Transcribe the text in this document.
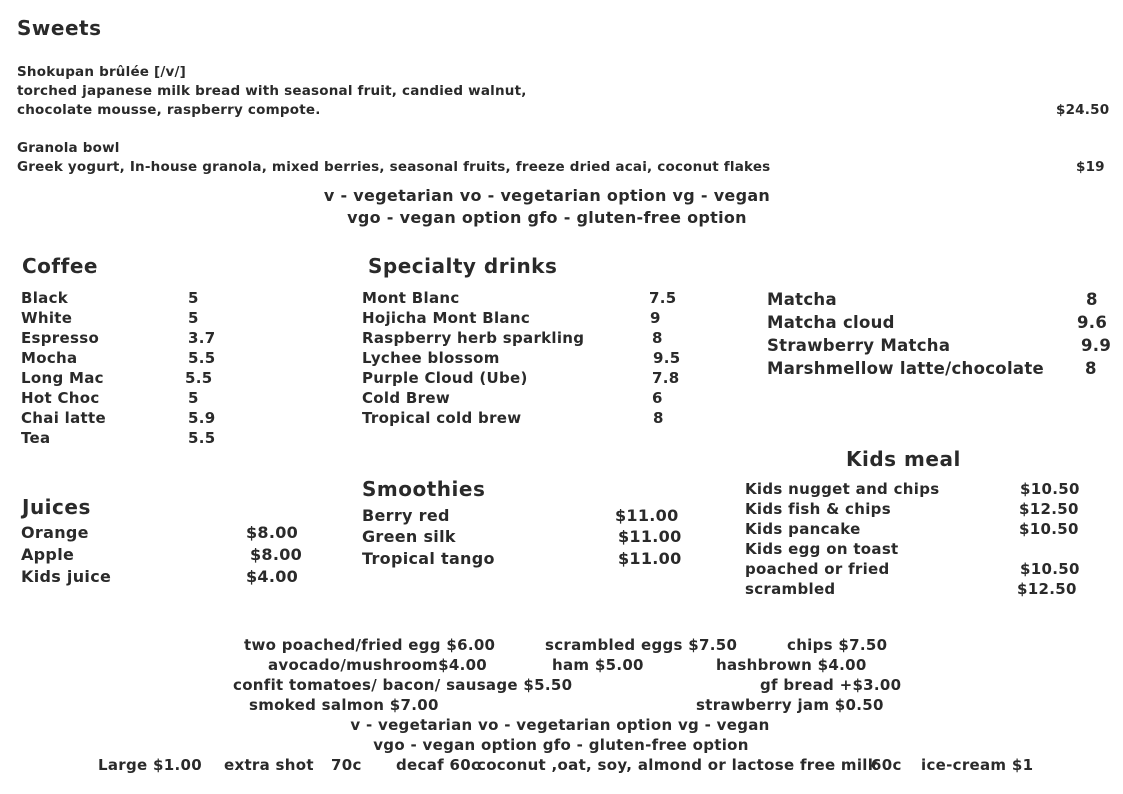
Sweets
Shokupan brûlée [/v/]
torched japanese milk bread with seasonal fruit, candied walnut,
chocolate mousse, raspberry compote.	$24.50
Granola bowl
Greek yogurt, In-house granola, mixed berries, seasonal fruits, freeze dried acai, coconut flakes	$19
v - vegetarian vo - vegetarian option vg - vegan
vgo - vegan option gfo - gluten-free option
Coffee
Black	5
White	5
Espresso	3.7
Mocha	5.5
Long Mac	5.5
Hot Choc	5
Chai latte	5.9
Tea	5.5
Specialty drinks
Mont Blanc	7.5
Hojicha Mont Blanc	9
Raspberry herb sparkling	8
Lychee blossom	9.5
Purple Cloud (Ube)	7.8
Cold Brew	6
Tropical cold brew	8
Matcha	8
Matcha cloud	9.6
Strawberry Matcha	9.9
Marshmellow latte/chocolate 8
Juices
Orange	$8.00
Apple	$8.00
Kids juice	$4.00
Smoothies
Berry red	$11.00
Green silk	$11.00
Tropical tango	$11.00
Kids meal
Kids nugget and chips	$10.50
Kids fish & chips	$12.50
Kids pancake	$10.50
Kids egg on toast
poached or fried	$10.50
scrambled	$12.50
two poached/fried egg $6.00	scrambled eggs $7.50	chips $7.50
avocado/mushroom$4.00	ham $5.00	hashbrown $4.00
confit tomatoes/ bacon/ sausage $5.50	gf bread +$3.00
smoked salmon $7.00	strawberry jam $0.50
v - vegetarian vo - vegetarian option vg - vegan
vgo - vegan option gfo - gluten-free option
Large $1.00 extra shot 70c decaf 60c
coconut ,oat, soy, almond or lactose free milk
60c ice-cream $1
